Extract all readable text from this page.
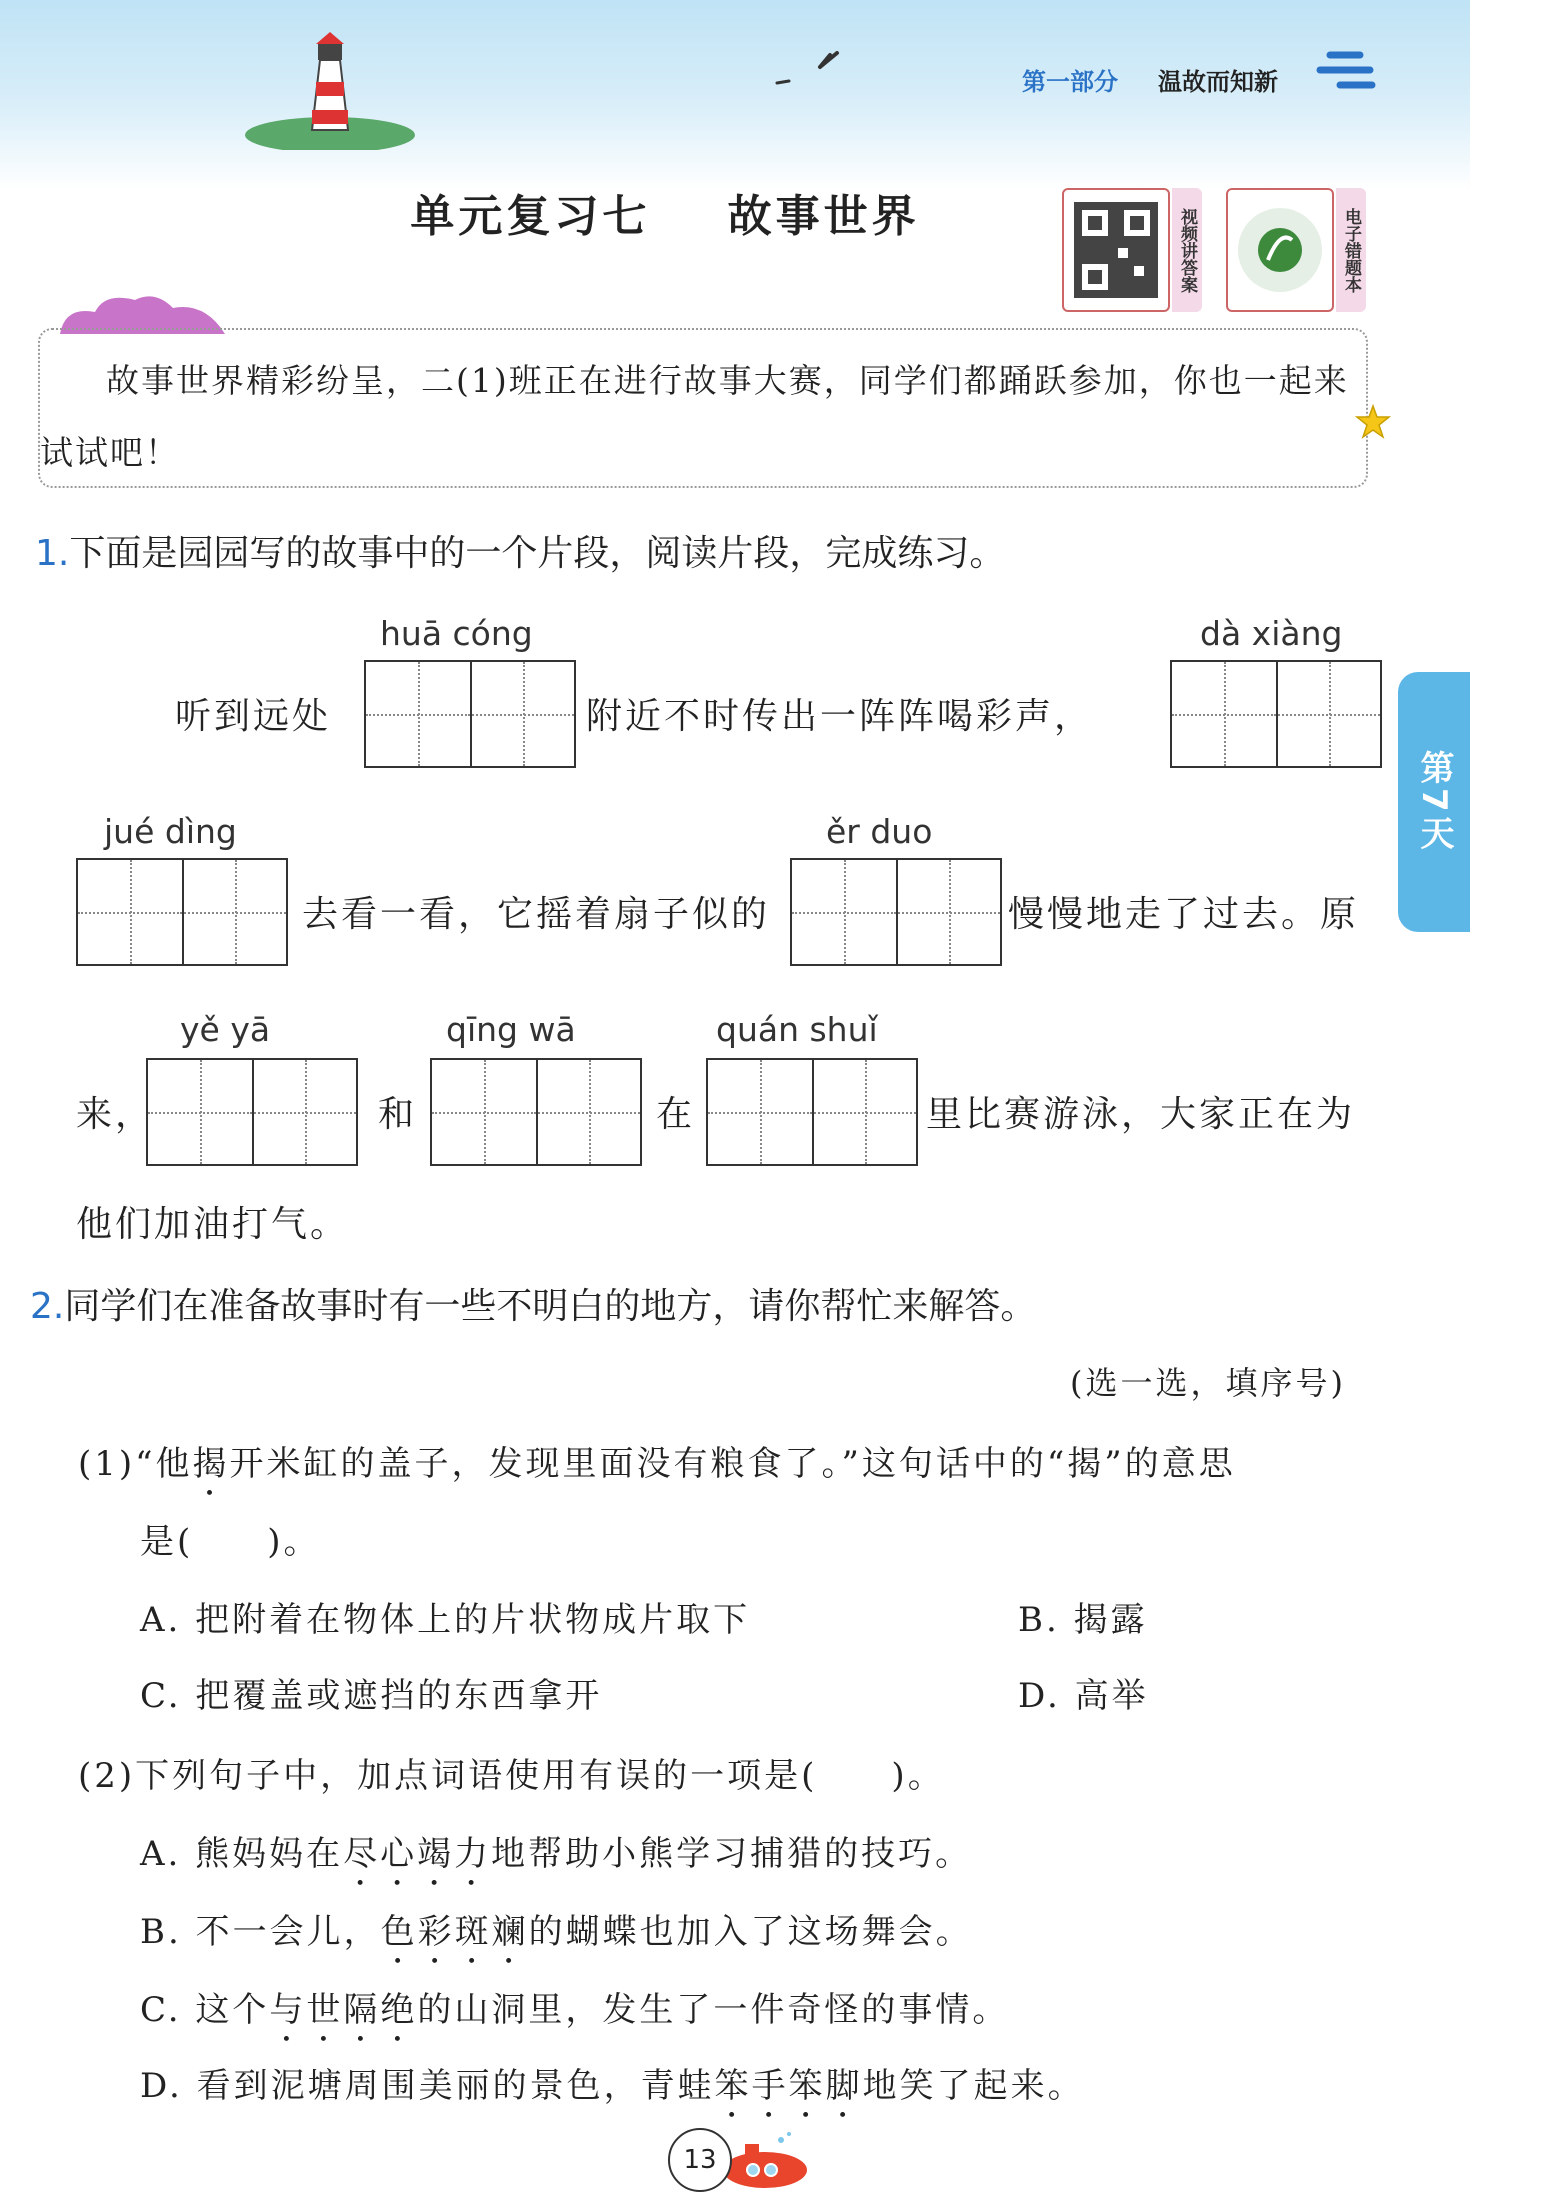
第一部分 温故而知新
单元复习七 故事世界	视频讲答案	电子错题本
故事世界精彩纷呈，二(1)班正在进行故事大赛，同学们都踊跃参加，你也一起来试试吧！
1.下面是园园写的故事中的一个片段，阅读片段，完成练习。
huā cóng	dà xiàng
听到远处	附近不时传出一阵阵喝彩声，
jué dìng	ěr duo
去看一看，它摇着扇子似的	慢慢地走了过去。原
yě yā	qīng wā	quán shuǐ
来，	和	在	里比赛游泳，大家正在为
他们加油打气。
第7天
2.同学们在准备故事时有一些不明白的地方，请你帮忙来解答。
(选一选，填序号)
(1)“他揭开米缸的盖子，发现里面没有粮食了。”这句话中的“揭”的意思
是(　　)。
A. 把附着在物体上的片状物成片取下	B. 揭露
C. 把覆盖或遮挡的东西拿开	D. 高举
(2)下列句子中，加点词语使用有误的一项是(　　)。
A. 熊妈妈在尽心竭力地帮助小熊学习捕猎的技巧。
B. 不一会儿，色彩斑斓的蝴蝶也加入了这场舞会。
C. 这个与世隔绝的山洞里，发生了一件奇怪的事情。
D. 看到泥塘周围美丽的景色，青蛙笨手笨脚地笑了起来。
13
